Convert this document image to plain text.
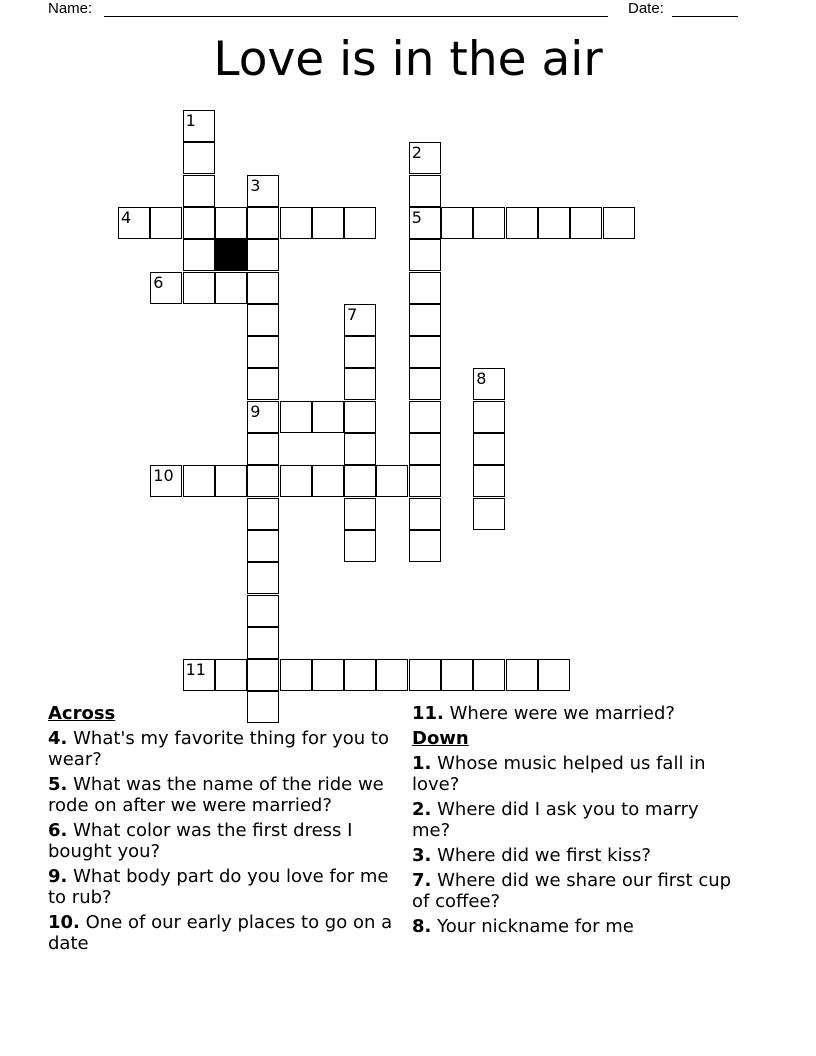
Name:	Date:
Love is in the air
1
2
3
4	5
6
7
8
9
10
11
Across
4. What's my favorite thing for you to wear?
5. What was the name of the ride we rode on after we were married?
6. What color was the first dress I bought you?
9. What body part do you love for me to rub?
10. One of our early places to go on a date
11. Where were we married?
Down
1. Whose music helped us fall in love?
2. Where did I ask you to marry me?
3. Where did we first kiss?
7. Where did we share our first cup of coffee?
8. Your nickname for me
